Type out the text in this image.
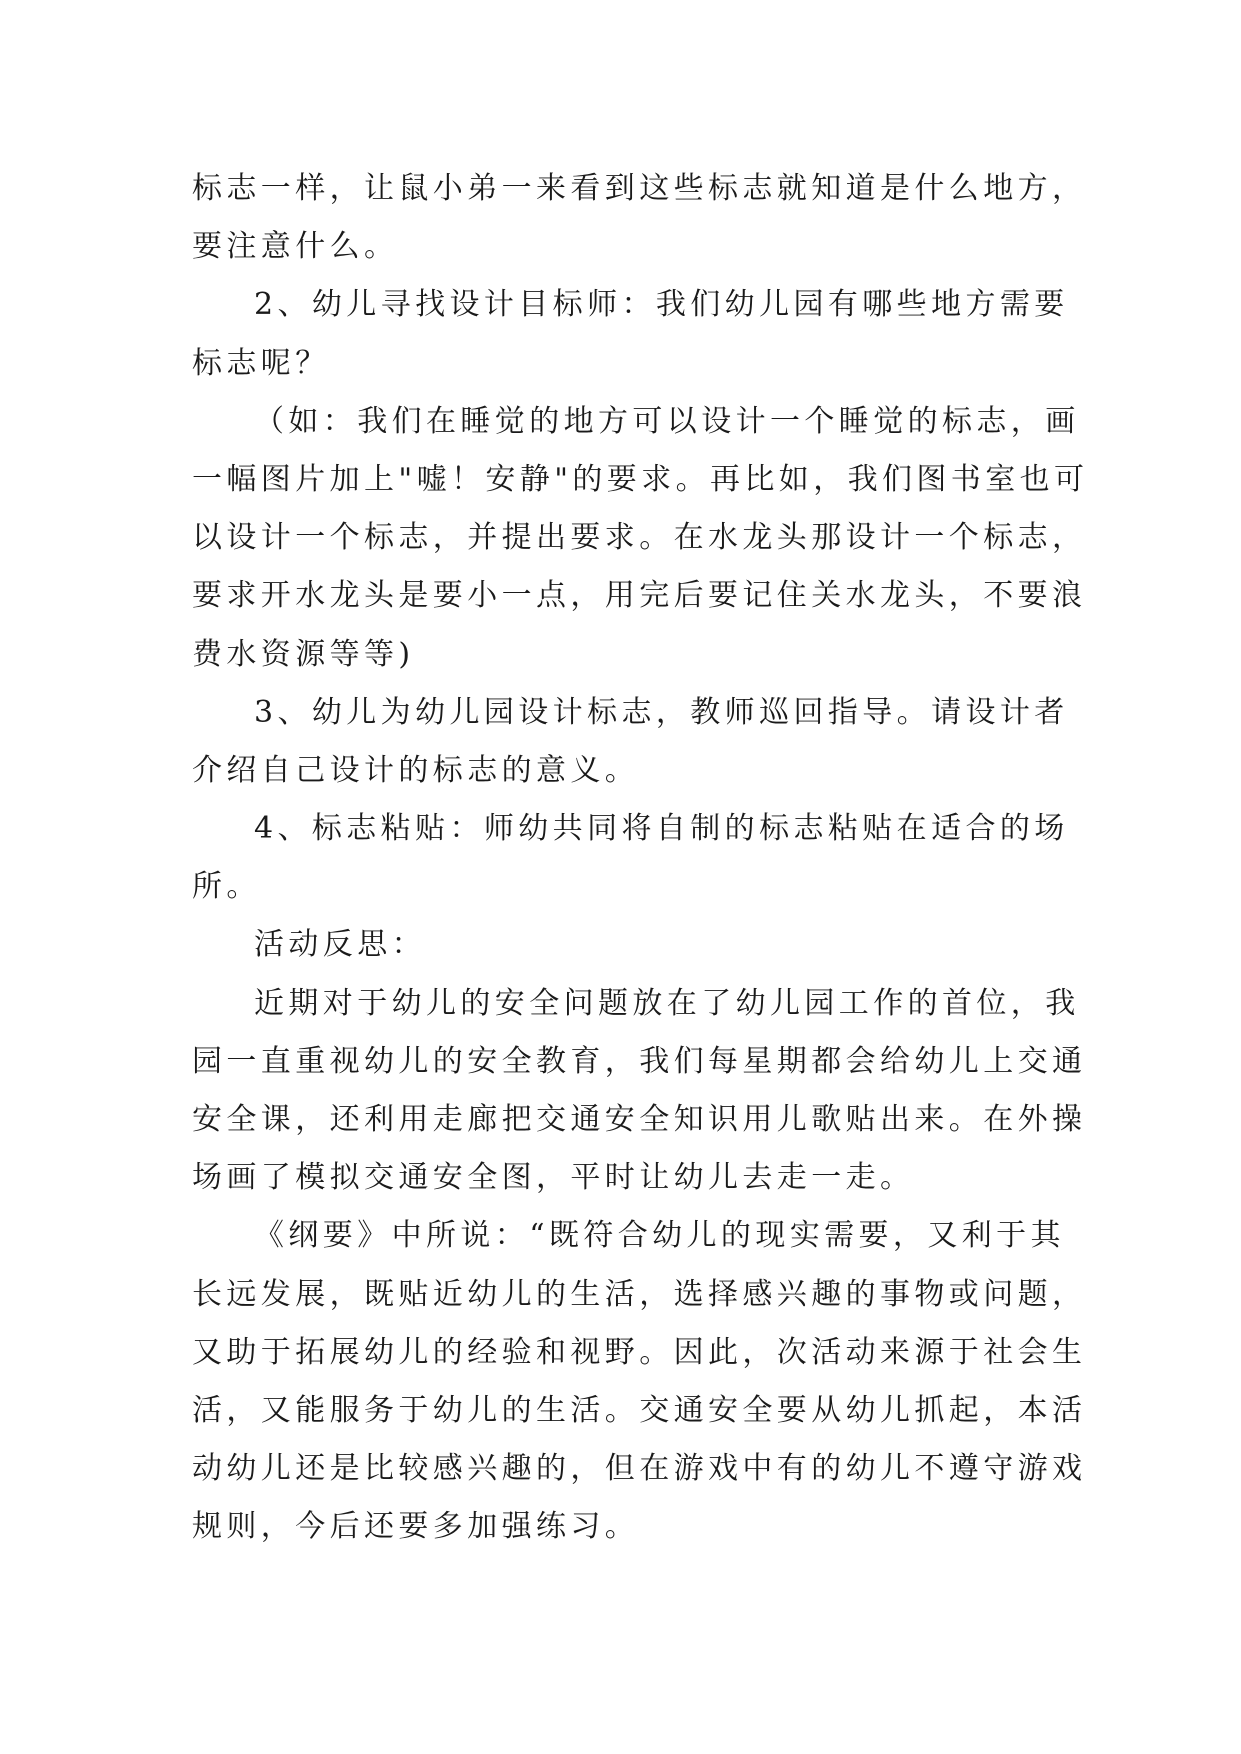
标志一样，让鼠小弟一来看到这些标志就知道是什么地方，
要注意什么。
2、幼儿寻找设计目标师：我们幼儿园有哪些地方需要
标志呢？
（如：我们在睡觉的地方可以设计一个睡觉的标志，画
一幅图片加上"嘘！安静"的要求。再比如，我们图书室也可
以设计一个标志，并提出要求。在水龙头那设计一个标志，
要求开水龙头是要小一点，用完后要记住关水龙头，不要浪
费水资源等等)
3、幼儿为幼儿园设计标志，教师巡回指导。请设计者
介绍自己设计的标志的意义。
4、标志粘贴：师幼共同将自制的标志粘贴在适合的场
所。
活动反思：
近期对于幼儿的安全问题放在了幼儿园工作的首位，我
园一直重视幼儿的安全教育，我们每星期都会给幼儿上交通
安全课，还利用走廊把交通安全知识用儿歌贴出来。在外操
场画了模拟交通安全图，平时让幼儿去走一走。
《纲要》中所说：“既符合幼儿的现实需要，又利于其
长远发展，既贴近幼儿的生活，选择感兴趣的事物或问题，
又助于拓展幼儿的经验和视野。因此，次活动来源于社会生
活，又能服务于幼儿的生活。交通安全要从幼儿抓起，本活
动幼儿还是比较感兴趣的，但在游戏中有的幼儿不遵守游戏
规则，今后还要多加强练习。
